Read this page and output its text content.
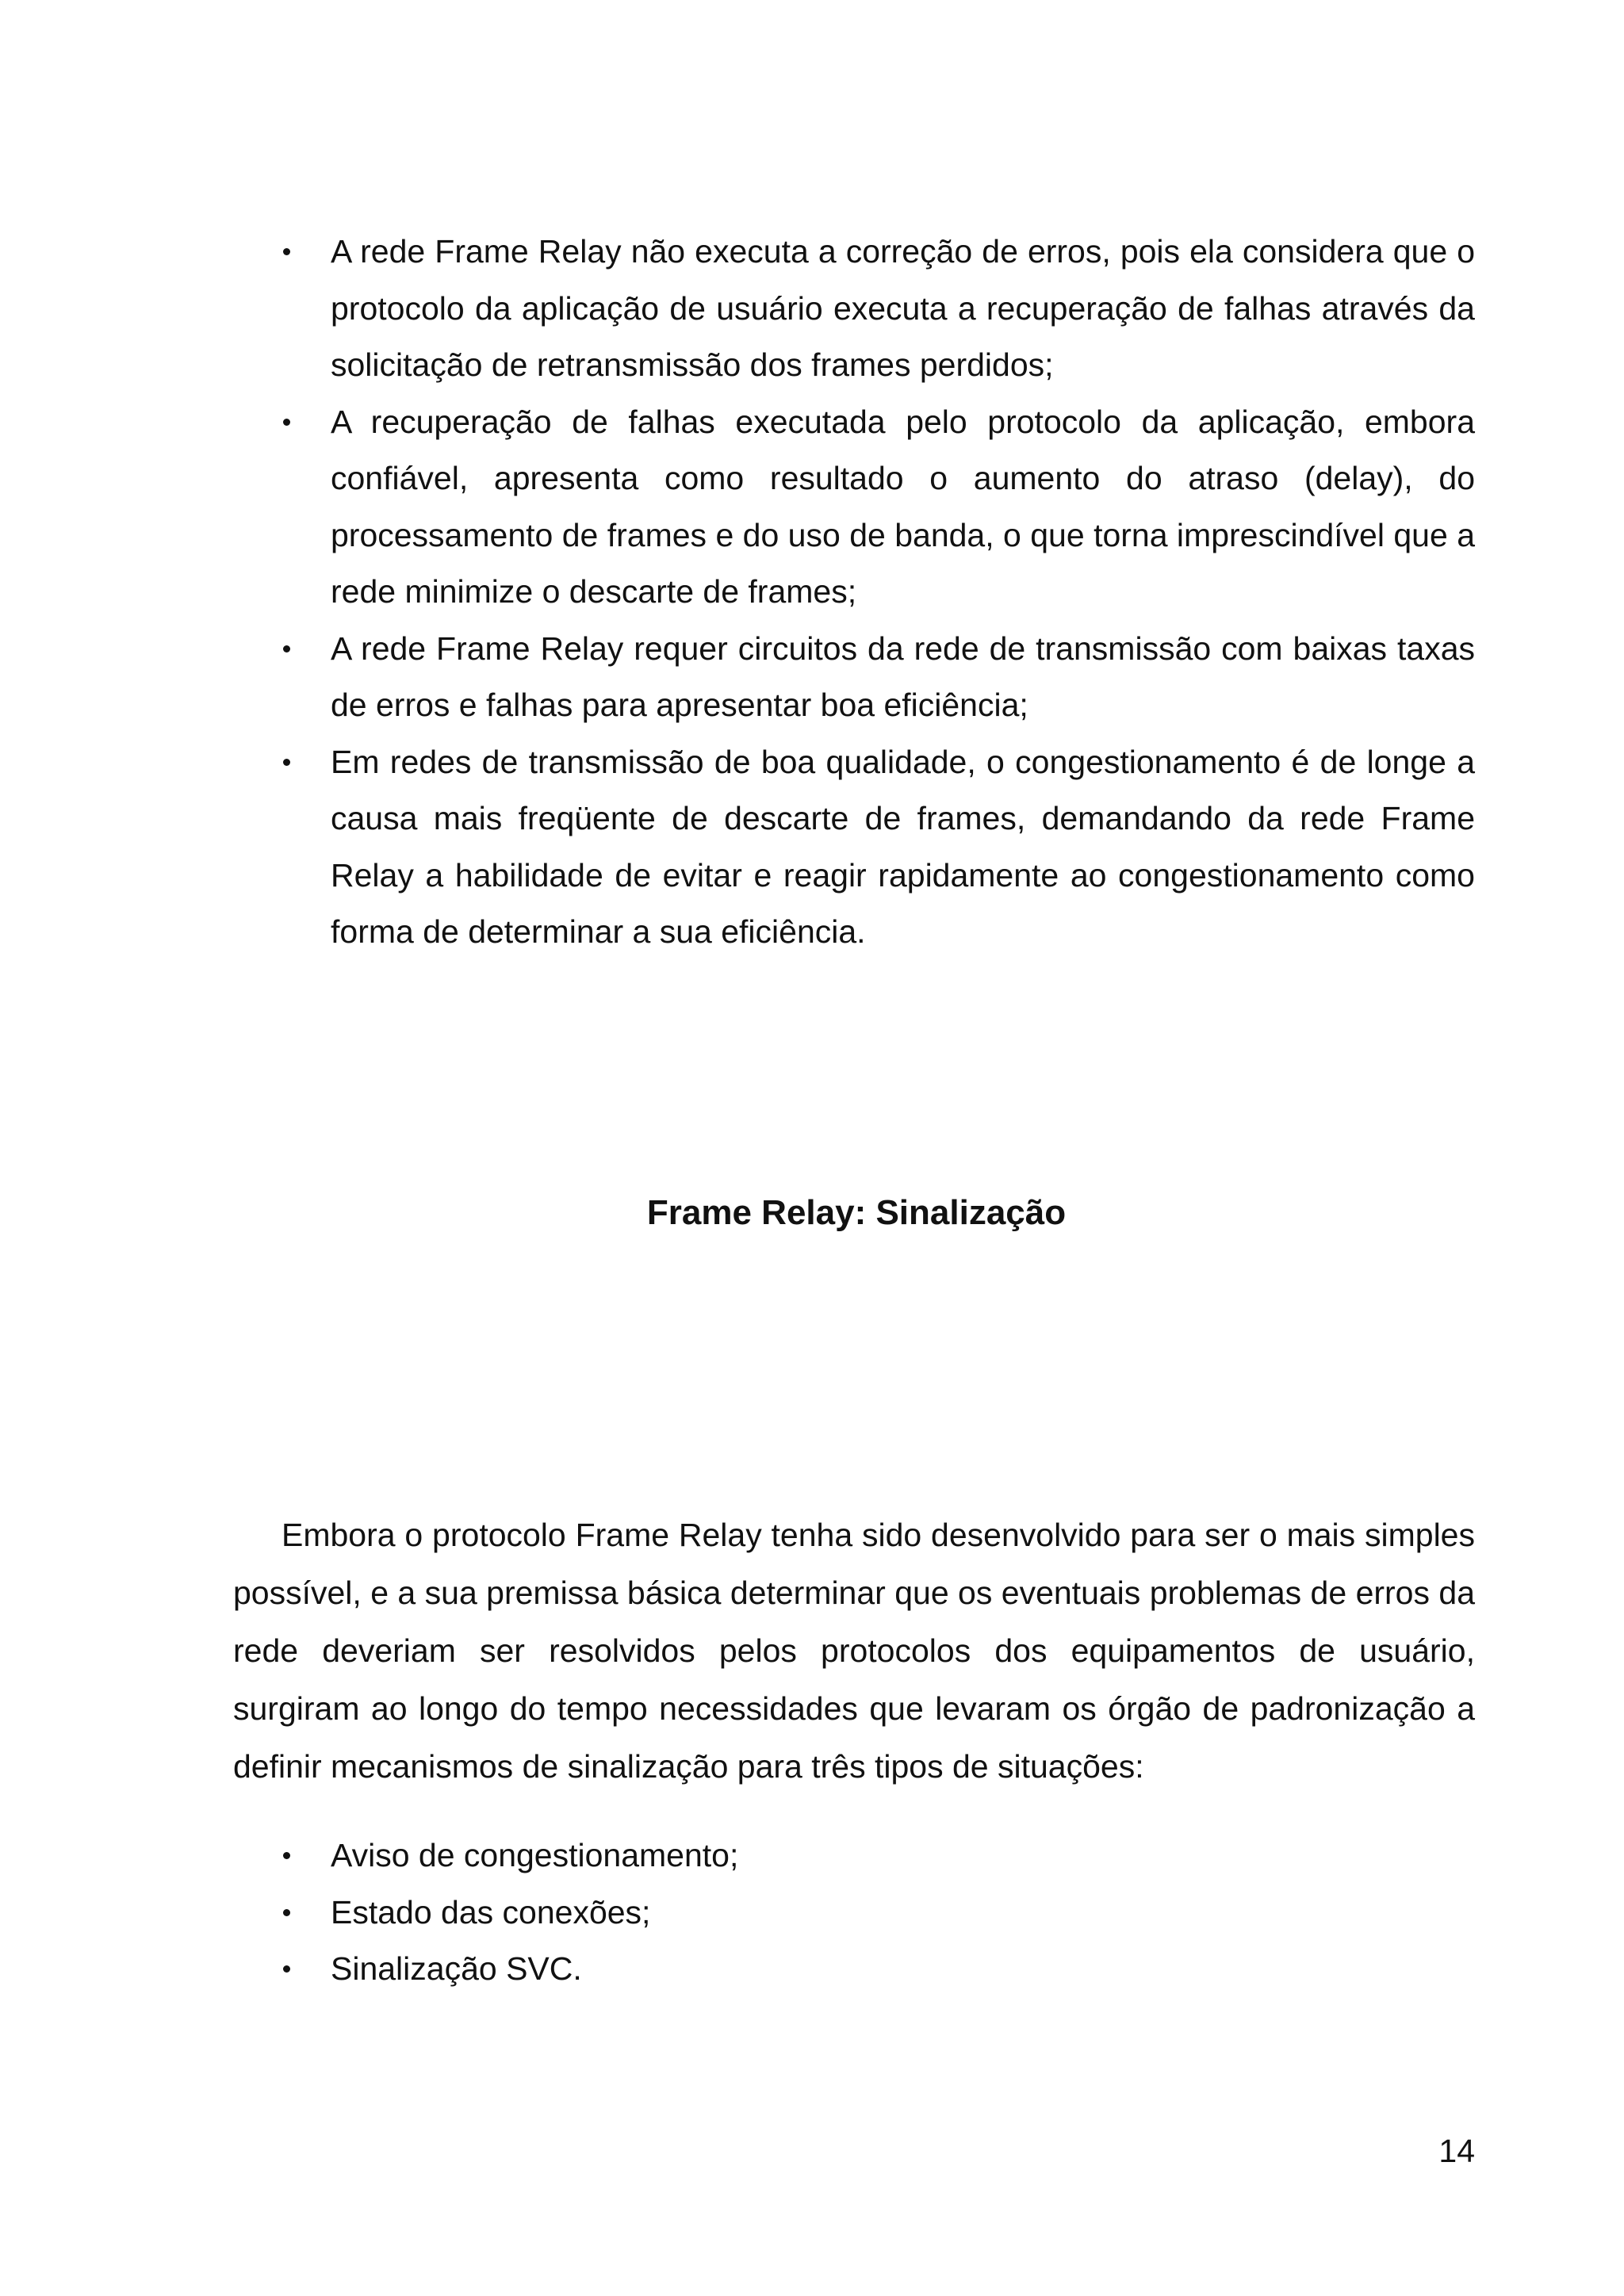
A rede Frame Relay não executa a correção de erros, pois ela considera que o protocolo da aplicação de usuário executa a recuperação de falhas através da solicitação de retransmissão dos frames perdidos;
A recuperação de falhas executada pelo protocolo da aplicação, embora confiável, apresenta como resultado o aumento do atraso (delay), do processamento de frames e do uso de banda, o que torna imprescindível que a rede minimize o descarte de frames;
A rede Frame Relay requer circuitos da rede de transmissão com baixas taxas de erros e falhas para apresentar boa eficiência;
Em redes de transmissão de boa qualidade, o congestionamento é de longe a causa mais freqüente de descarte de frames, demandando da rede Frame Relay a habilidade de evitar e reagir rapidamente ao congestionamento como forma de determinar a sua eficiência.
Frame Relay: Sinalização

Embora o protocolo Frame Relay tenha sido desenvolvido para ser o mais simples possível, e a sua premissa básica determinar que os eventuais problemas de erros da rede deveriam ser resolvidos pelos protocolos dos equipamentos de usuário, surgiram ao longo do tempo necessidades que levaram os órgão de padronização a definir mecanismos de sinalização para três tipos de situações:

Aviso de congestionamento;
Estado das conexões;
Sinalização SVC.
14
